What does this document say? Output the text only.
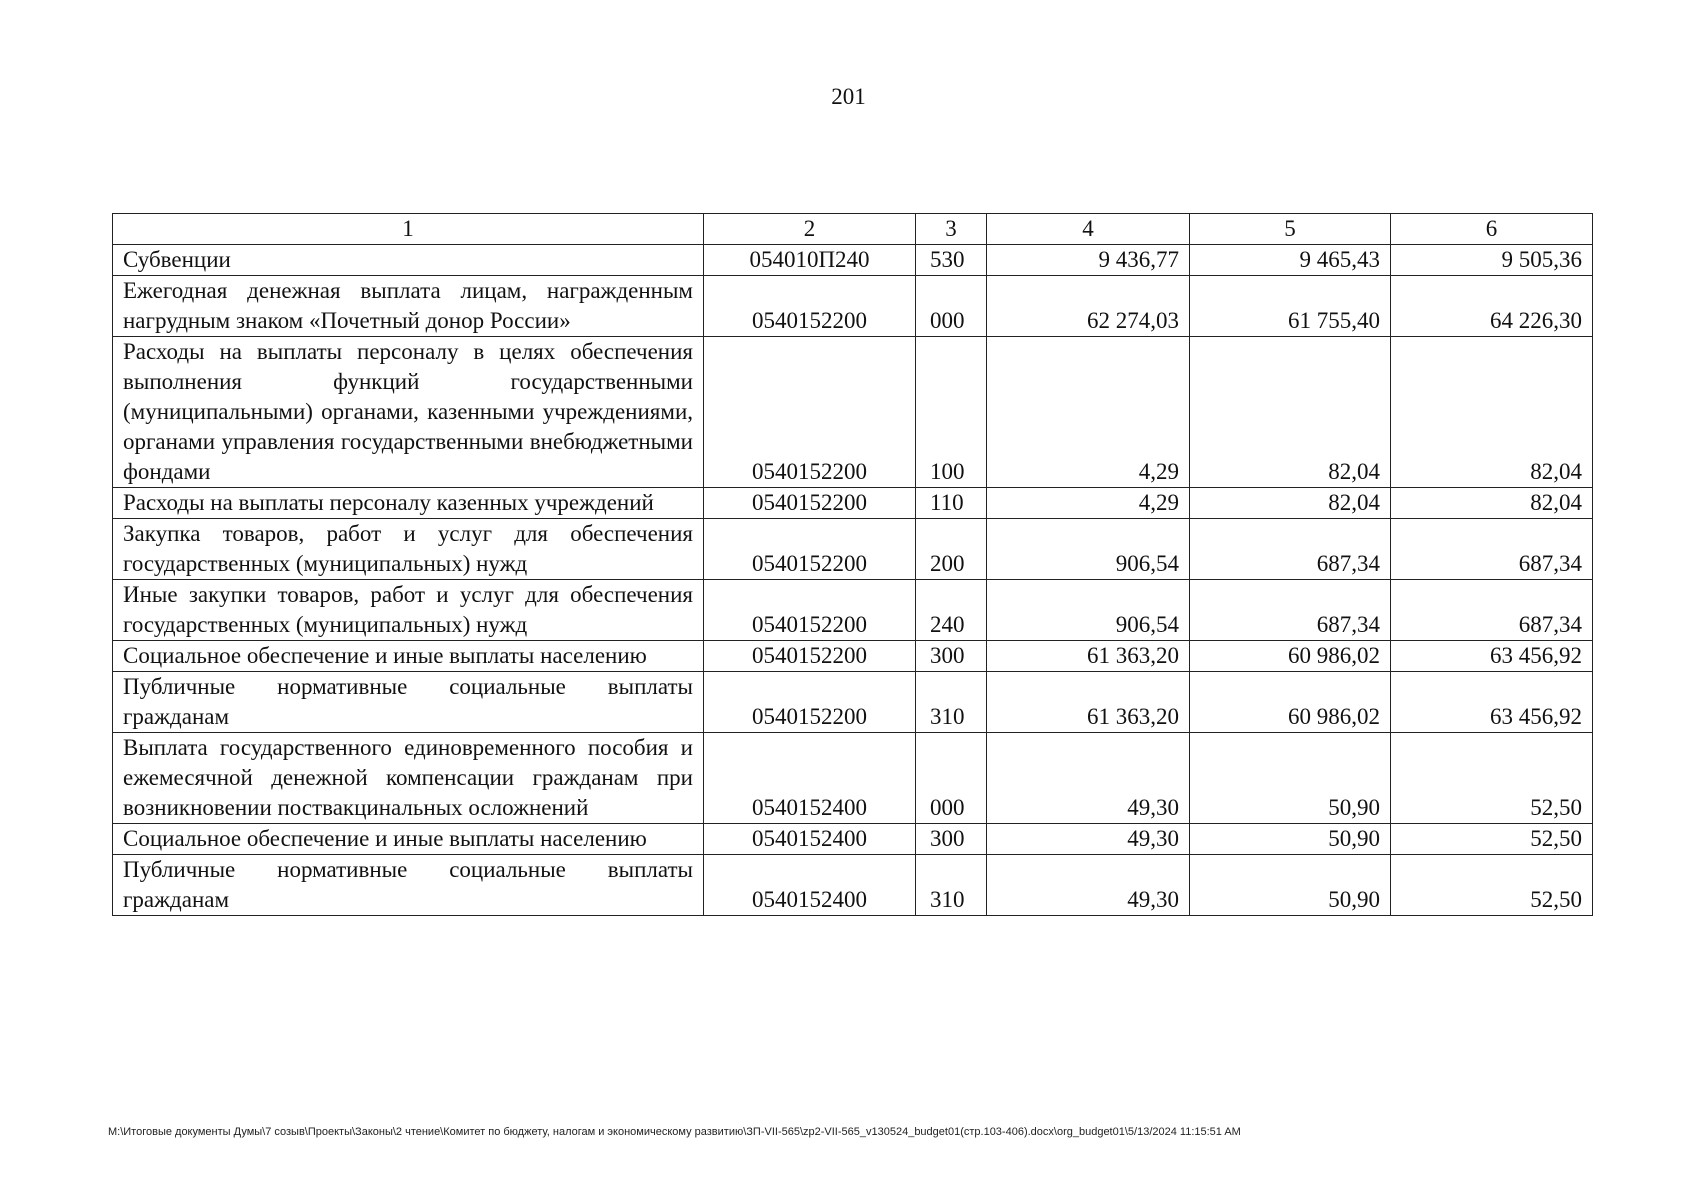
201
1	2	3	4	5	6
Субвенции	054010П240	530	9 436,77	9 465,43	9 505,36
Ежегодная денежная выплата лицам, награжденным нагрудным знаком «Почетный донор России»	0540152200	000	62 274,03	61 755,40	64 226,30
Расходы на выплаты персоналу в целях обеспечения выполнения функций государственными (муниципальными) органами, казенными учреждениями, органами управления государственными внебюджетными фондами	0540152200	100	4,29	82,04	82,04
Расходы на выплаты персоналу казенных учреждений	0540152200	110	4,29	82,04	82,04
Закупка товаров, работ и услуг для обеспечения государственных (муниципальных) нужд	0540152200	200	906,54	687,34	687,34
Иные закупки товаров, работ и услуг для обеспечения государственных (муниципальных) нужд	0540152200	240	906,54	687,34	687,34
Социальное обеспечение и иные выплаты населению	0540152200	300	61 363,20	60 986,02	63 456,92
Публичные нормативные социальные выплаты гражданам	0540152200	310	61 363,20	60 986,02	63 456,92
Выплата государственного единовременного пособия и ежемесячной денежной компенсации гражданам при возникновении поствакцинальных осложнений	0540152400	000	49,30	50,90	52,50
Социальное обеспечение и иные выплаты населению	0540152400	300	49,30	50,90	52,50
Публичные нормативные социальные выплаты гражданам	0540152400	310	49,30	50,90	52,50
M:\Итоговые документы Думы\7 созыв\Проекты\Законы\2 чтение\Комитет по бюджету, налогам и экономическому развитию\ЗП-VII-565\zp2-VII-565_v130524_budget01(стр.103-406).docx\org_budget01\5/13/2024 11:15:51 AM
